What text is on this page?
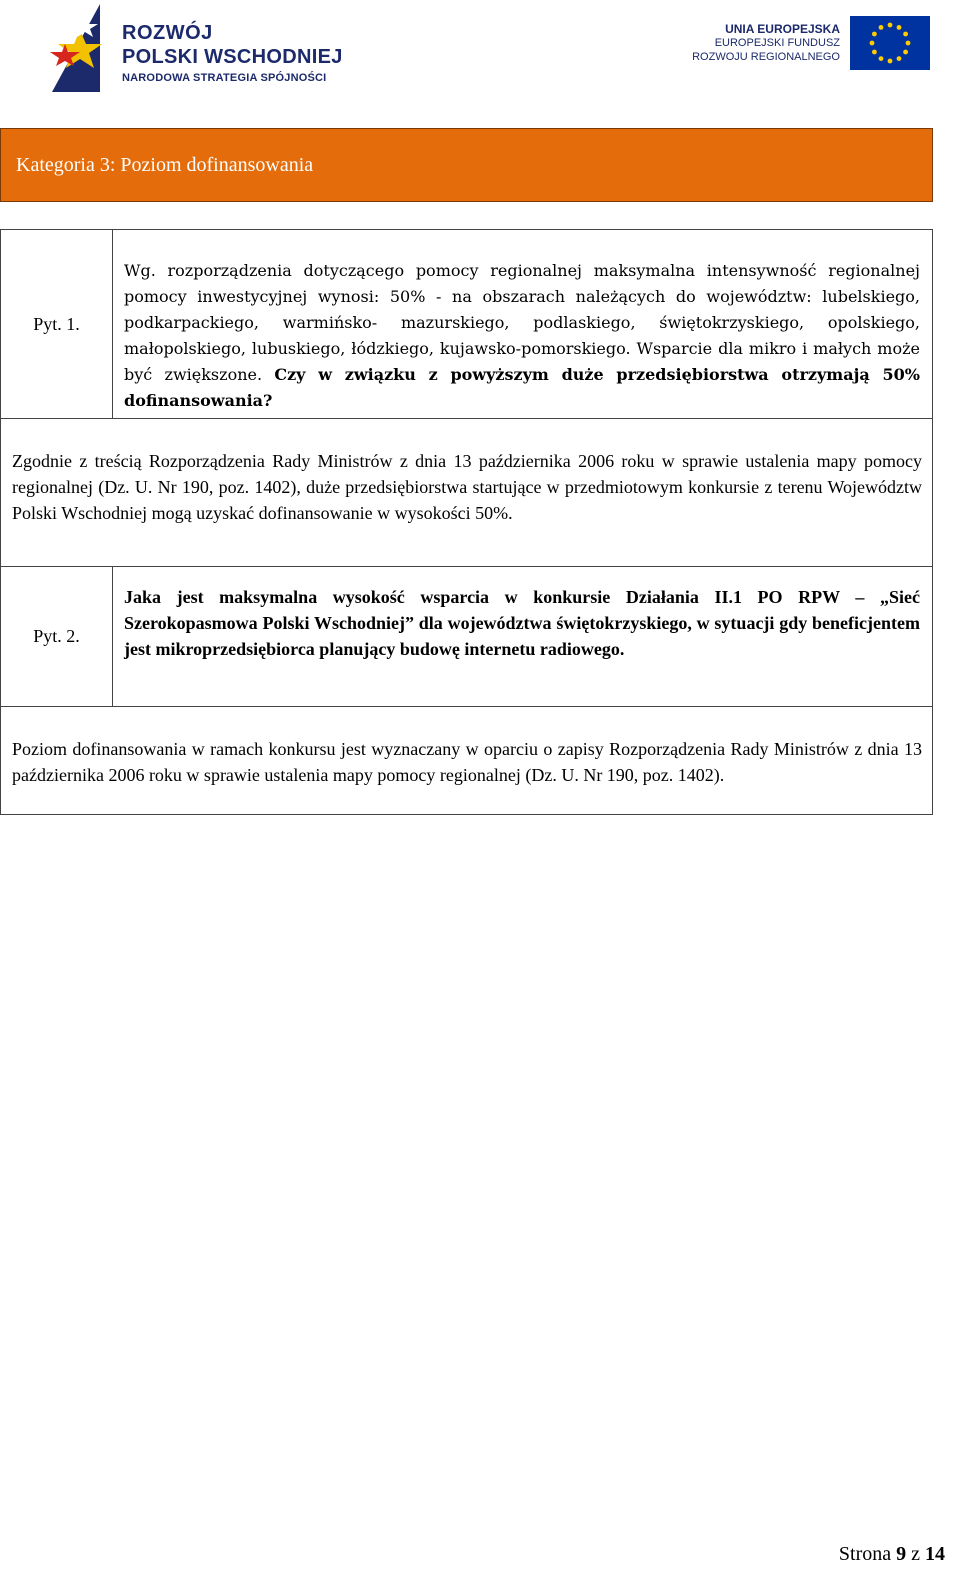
ROZWÓJ
POLSKI WSCHODNIEJ
NARODOWA STRATEGIA SPÓJNOŚCI
UNIA EUROPEJSKA
EUROPEJSKI FUNDUSZ
ROZWOJU REGIONALNEGO
Kategoria 3: Poziom dofinansowania
Pyt. 1.
Wg. rozporządzenia dotyczącego pomocy regionalnej maksymalna intensywność regionalnej pomocy inwestycyjnej wynosi: 50% - na obszarach należących do województw: lubelskiego, podkarpackiego, warmińsko- mazurskiego, podlaskiego, świętokrzyskiego, opolskiego, małopolskiego, lubuskiego, łódzkiego, kujawsko-pomorskiego. Wsparcie dla mikro i małych może być zwiększone. Czy w związku z powyższym duże przedsiębiorstwa otrzymają 50% dofinansowania?
Zgodnie z treścią Rozporządzenia Rady Ministrów z dnia 13 października 2006 roku w sprawie ustalenia mapy pomocy regionalnej (Dz. U. Nr 190, poz. 1402), duże przedsiębiorstwa startujące w przedmiotowym konkursie z terenu Województw Polski Wschodniej mogą uzyskać dofinansowanie w wysokości 50%.
Pyt. 2.
Jaka jest maksymalna wysokość wsparcia w konkursie Działania II.1 PO RPW – „Sieć Szerokopasmowa Polski Wschodniej” dla województwa świętokrzyskiego, w sytuacji gdy beneficjentem jest mikroprzedsiębiorca planujący budowę internetu radiowego.
Poziom dofinansowania w ramach konkursu jest wyznaczany w oparciu o zapisy Rozporządzenia Rady Ministrów z dnia 13 października 2006 roku w sprawie ustalenia mapy pomocy regionalnej (Dz. U. Nr 190, poz. 1402).
Strona 9 z 14
